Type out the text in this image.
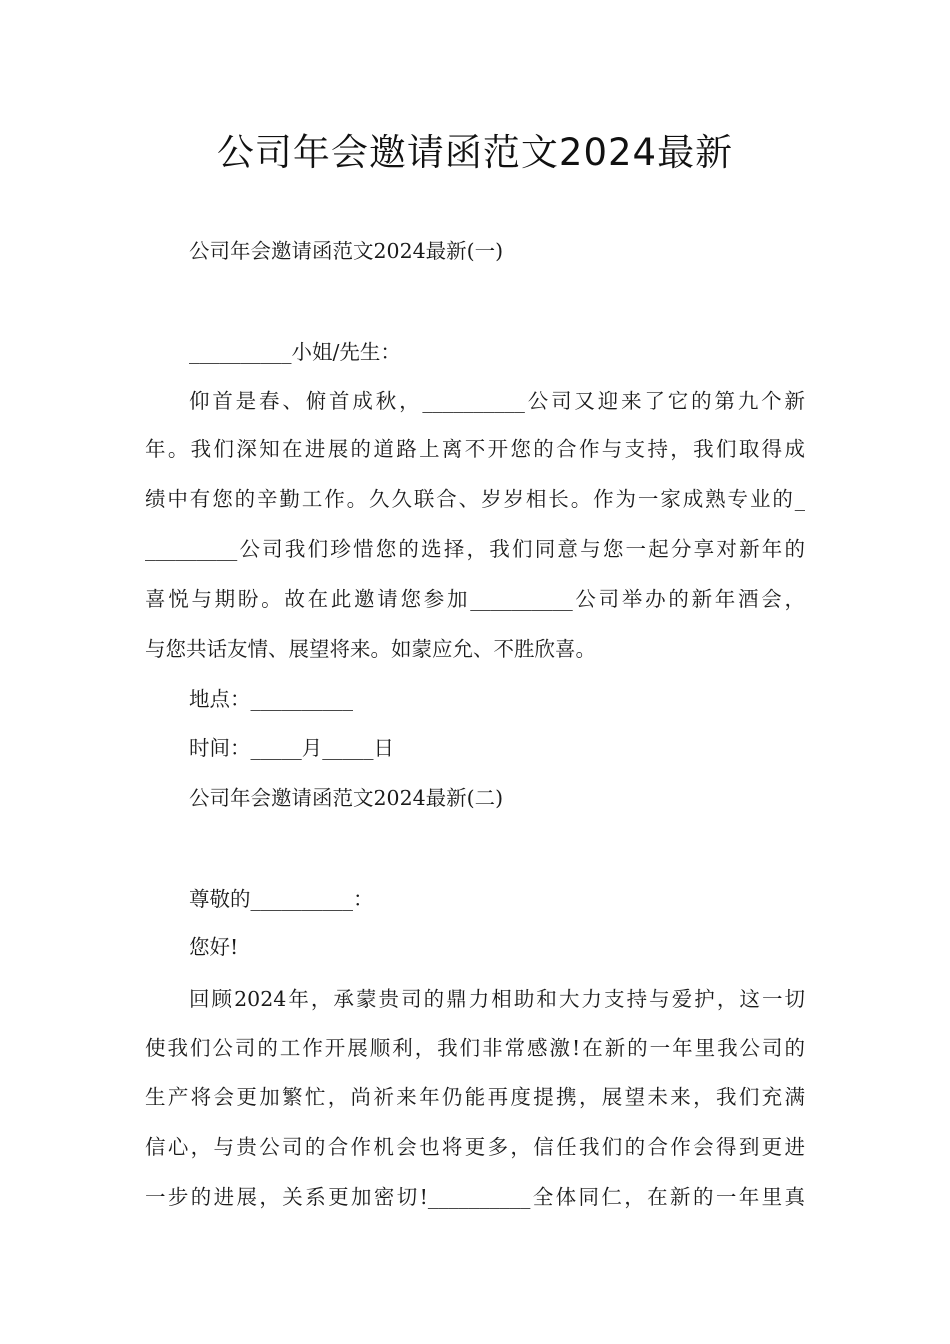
公司年会邀请函范文2024最新
公司年会邀请函范文2024最新(一)
__________小姐/先生：
仰首是春、俯首成秋，__________公司又迎来了它的第九个新
年。我们深知在进展的道路上离不开您的合作与支持，我们取得成
绩中有您的辛勤工作。久久联合、岁岁相长。作为一家成熟专业的_
_________公司我们珍惜您的选择，我们同意与您一起分享对新年的
喜悦与期盼。故在此邀请您参加__________公司举办的新年酒会，
与您共话友情、展望将来。如蒙应允、不胜欣喜。
地点：__________
时间：_____月_____日
公司年会邀请函范文2024最新(二)
尊敬的__________：
您好!
回顾2024年，承蒙贵司的鼎力相助和大力支持与爱护，这一切
使我们公司的工作开展顺利，我们非常感激!在新的一年里我公司的
生产将会更加繁忙，尚祈来年仍能再度提携，展望未来，我们充满
信心，与贵公司的合作机会也将更多，信任我们的合作会得到更进
一步的进展，关系更加密切!__________全体同仁，在新的一年里真
